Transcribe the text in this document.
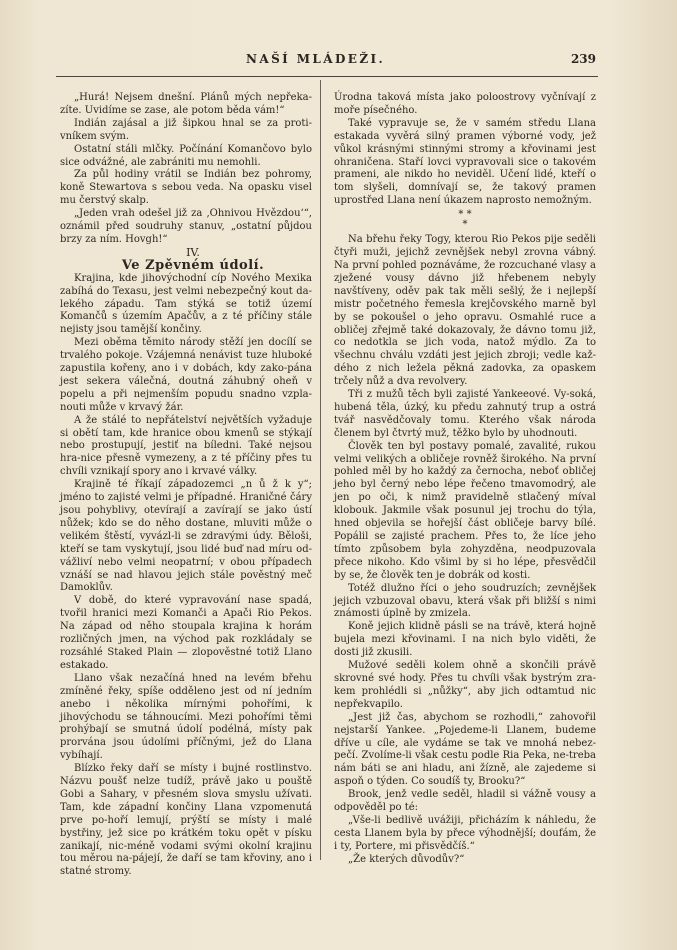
NAŠÍ MLÁDEŽI.	239

„Hurá! Nejsem dnešní. Plánů mých nepřeka-zíte. Uvidíme se zase, ale potom běda vám!“

Indián zajásal a již šipkou hnal se za proti-vníkem svým.

Ostatní stáli mlčky. Počínání Komančovo bylo sice odvážné, ale zabrániti mu nemohli.

Za půl hodiny vrátil se Indián bez pohromy, koně Stewartova s sebou veda. Na opasku visel mu čerstvý skalp.

„Jeden vrah odešel již za ‚Ohnivou Hvězdou‘“, oznámil před soudruhy stanuv, „ostatní půjdou brzy za ním. Hovgh!“

IV.

Ve Zpěvném údolí.

Krajina, kde jihovýchodní cíp Nového Mexika zabíhá do Texasu, jest velmi nebezpečný kout da-lekého západu. Tam stýká se totiž území Komančů s územím Apačův, a z té příčiny stále nejisty jsou tamější končiny.

Mezi oběma těmito národy stěží jen docílí se trvalého pokoje. Vzájemná nenávist tuze hluboké zapustila kořeny, ano i v dobách, kdy zako-pána jest sekera válečná, doutná záhubný oheň v popelu a při nejmenším popudu snadno vzpla-nouti může v krvavý žár.

A že stálé to nepřátelství největších vyžaduje si obětí tam, kde hranice obou kmenů se stýkají nebo prostupují, jestiť na bíledni. Také nejsou hra-nice přesně vymezeny, a z té příčiny přes tu chvíli vznikají spory ano i krvavé války.

Krajině té říkají západozemci „n ů ž k y“; jméno to zajisté velmi je případné. Hraničné čáry jsou pohyblivy, otevírají a zavírají se jako ústí nůžek; kdo se do něho dostane, mluviti může o velikém štěstí, vyvázl-li se zdravými údy. Běloši, kteří se tam vyskytují, jsou lidé buď nad míru od-vážliví nebo velmi neopatrní; v obou případech vznáší se nad hlavou jejich stále pověstný meč Damoklův.

V době, do které vypravování nase spadá, tvořil hranici mezi Komanči a Apači Rio Pekos. Na západ od něho stoupala krajina k horám rozličných jmen, na východ pak rozkládaly se rozsáhlé Staked Plain — zlopověstné totiž Llano estakado.

Llano však nezačíná hned na levém břehu zmíněné řeky, spíše odděleno jest od ní jedním anebo i několika mírnými pohořími, k jihovýchodu se táhnoucími. Mezi pohořími těmi prohýbají se smutná údolí podélná, místy pak prorvána jsou údolími příčnými, jež do Llana vybíhají.

Blízko řeky daří se místy i bujné rostlinstvo. Názvu poušť nelze tudíž, právě jako u pouště Gobi a Sahary, v přesném slova smyslu užívati. Tam, kde západní končiny Llana vzpomenutá prve po-hoří lemují, prýští se místy i malé bystřiny, jež sice po krátkém toku opět v písku zanikají, nic-méně vodami svými okolní krajinu tou měrou na-pájejí, že daří se tam křoviny, ano i statné stromy.

Úrodna taková místa jako poloostrovy vyčnívají z moře písečného.

Také vypravuje se, že v samém středu Llana estakada vyvěrá silný pramen výborné vody, jež vůkol krásnými stinnými stromy a křovinami jest ohraničena. Staří lovci vypravovali sice o takovém prameni, ale nikdo ho neviděl. Učení lidé, kteří o tom slyšeli, domnívají se, že takový pramen uprostřed Llana není úkazem naprosto nemožným.

* *
*

Na břehu řeky Togy, kterou Rio Pekos pije seděli čtyři muži, jejichž zevnějšek nebyl zrovna vábný. Na první pohled poznáváme, že rozcuchané vlasy a zježené vousy dávno již hřebenem nebyly navštíveny, oděv pak tak měli sešlý, že i nejlepší mistr početného řemesla krejčovského marně byl by se pokoušel o jeho opravu. Osmahlé ruce a obličej zřejmě také dokazovaly, že dávno tomu již, co nedotkla se jich voda, natož mýdlo. Za to všechnu chválu vzdáti jest jejich zbroji; vedle kaž-dého z nich ležela pěkná zadovka, za opaskem trčely nůž a dva revolvery.

Tři z mužů těch byli zajisté Yankeeové. Vy-soká, hubená těla, úzký, ku předu zahnutý trup a ostrá tvář nasvědčovaly tomu. Kterého však národa členem byl čtvrtý muž, těžko bylo by uhodnouti.

Člověk ten byl postavy pomalé, zavalité, rukou velmi velikých a obličeje rovněž širokého. Na první pohled měl by ho každý za černocha, neboť obličej jeho byl černý nebo lépe řečeno tmavomodrý, ale jen po oči, k nimž pravidelně stlačený míval klobouk. Jakmile však posunul jej trochu do týla, hned objevila se hořejší část obličeje barvy bílé. Popálil se zajisté prachem. Přes to, že líce jeho tímto způsobem byla zohyzděna, neodpuzovala přece nikoho. Kdo všiml by si ho lépe, přesvědčil by se, že člověk ten je dobrák od kosti.

Totéž dlužno říci o jeho soudruzích; zevnějšek jejich vzbuzoval obavu, která však při bližší s nimi známosti úplně by zmizela.

Koně jejich klidně pásli se na trávě, která hojně bujela mezi křovinami. I na nich bylo viděti, že dosti již zkusili.

Mužové seděli kolem ohně a skončili právě skrovné své hody. Přes tu chvíli však bystrým zra-kem prohlédli si „nůžky“, aby jich odtamtud nic nepřekvapilo.

„Jest již čas, abychom se rozhodli,“ zahovořil nejstarší Yankee. „Pojedeme-li Llanem, budeme dříve u cíle, ale vydáme se tak ve mnohá nebez-pečí. Zvolíme-li však cestu podle Ria Peka, ne-treba nám báti se ani hladu, ani žízně, ale zajedeme si aspoň o týden. Co soudíš ty, Brooku?“

Brook, jenž vedle seděl, hladil si vážně vousy a odpověděl po té:

„Vše-li bedlivě uvážiji, přicházím k náhledu, že cesta Llanem byla by přece výhodnější; doufám, že i ty, Portere, mi přisvědčíš.“

„Že kterých důvodův?“
